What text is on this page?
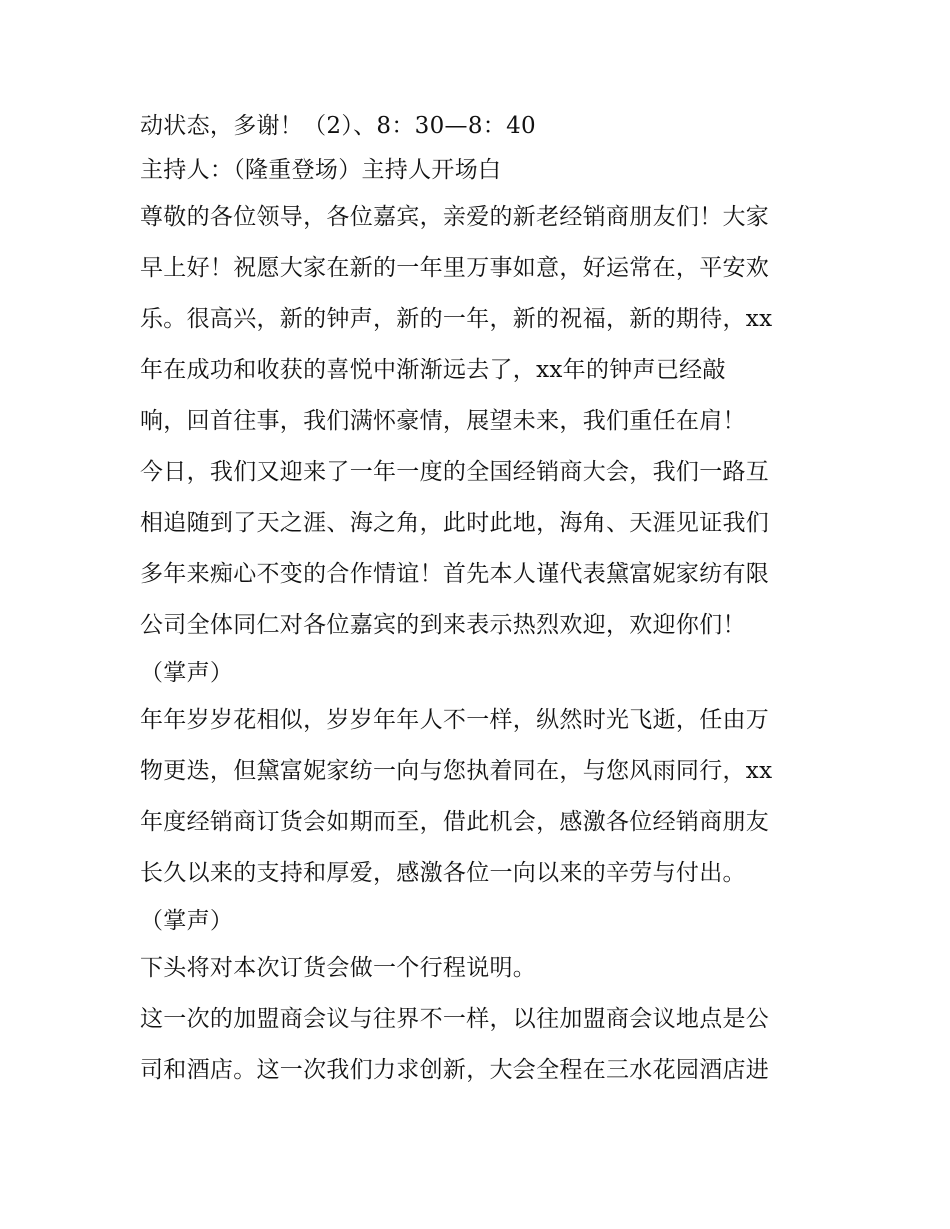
动状态，多谢！（2）、8：30—8：40
主持人：（隆重登场）主持人开场白
尊敬的各位领导，各位嘉宾，亲爱的新老经销商朋友们！大家
早上好！祝愿大家在新的一年里万事如意，好运常在，平安欢
乐。很高兴，新的钟声，新的一年，新的祝福，新的期待，xx
年在成功和收获的喜悦中渐渐远去了，xx年的钟声已经敲
响，回首往事，我们满怀豪情，展望未来，我们重任在肩！
今日，我们又迎来了一年一度的全国经销商大会，我们一路互
相追随到了天之涯、海之角，此时此地，海角、天涯见证我们
多年来痴心不变的合作情谊！首先本人谨代表黛富妮家纺有限
公司全体同仁对各位嘉宾的到来表示热烈欢迎，欢迎你们！
（掌声）
年年岁岁花相似，岁岁年年人不一样，纵然时光飞逝，任由万
物更迭，但黛富妮家纺一向与您执着同在，与您风雨同行，xx
年度经销商订货会如期而至，借此机会，感激各位经销商朋友
长久以来的支持和厚爱，感激各位一向以来的辛劳与付出。
（掌声）
下头将对本次订货会做一个行程说明。
这一次的加盟商会议与往界不一样，以往加盟商会议地点是公
司和酒店。这一次我们力求创新，大会全程在三水花园酒店进
